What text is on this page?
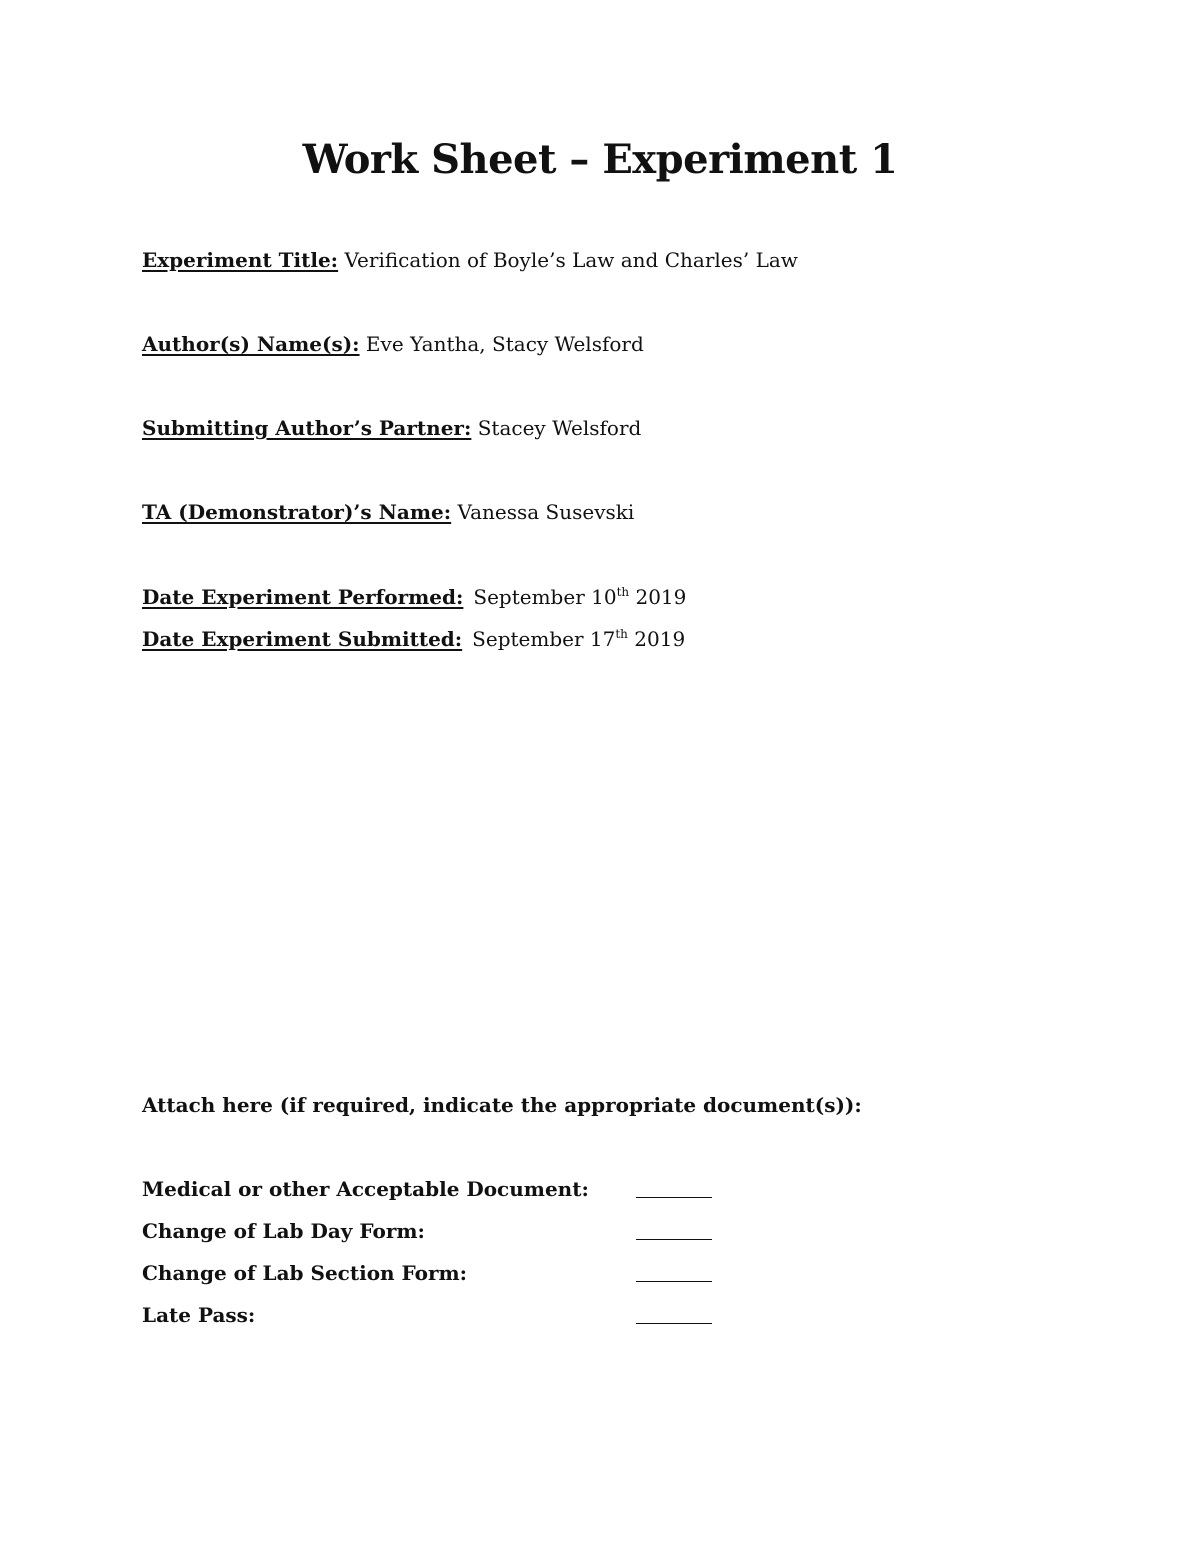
Work Sheet – Experiment 1
Experiment Title: Verification of Boyle’s Law and Charles’ Law
Author(s) Name(s): Eve Yantha, Stacy Welsford
Submitting Author’s Partner: Stacey Welsford
TA (Demonstrator)’s Name: Vanessa Susevski
Date Experiment Performed: September 10th 2019
Date Experiment Submitted: September 17th 2019
Attach here (if required, indicate the appropriate document(s)):
Medical or other Acceptable Document:
Change of Lab Day Form:
Change of Lab Section Form:
Late Pass:
